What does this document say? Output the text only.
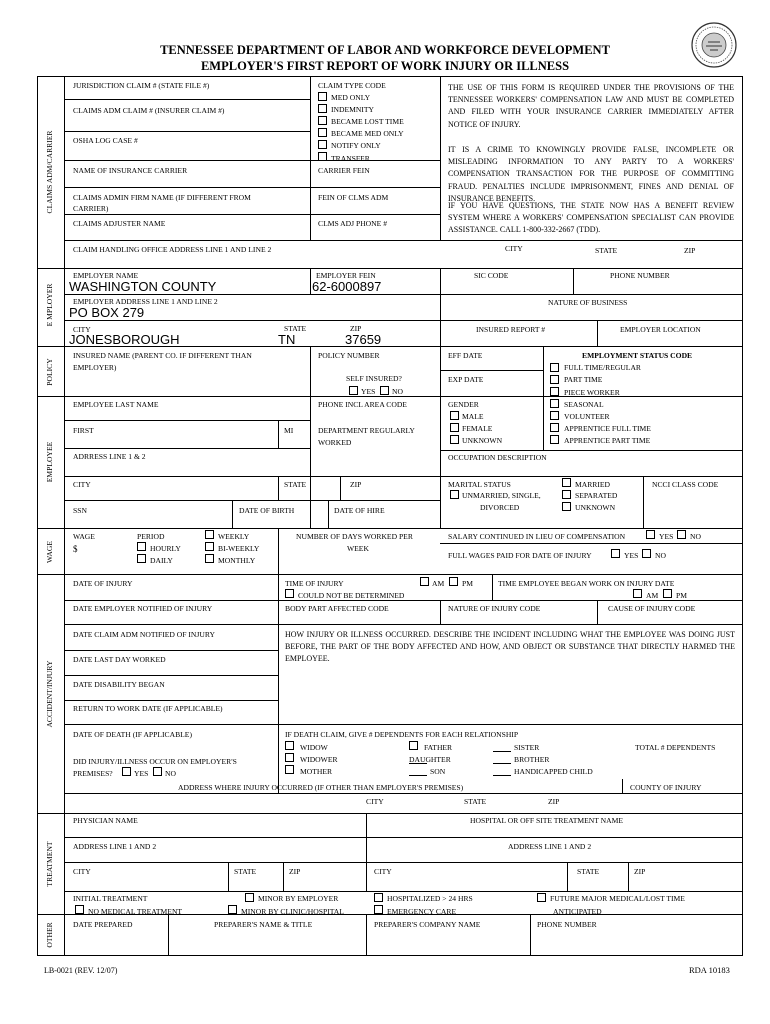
TENNESSEE DEPARTMENT OF LABOR AND WORKFORCE DEVELOPMENT
EMPLOYER'S FIRST REPORT OF WORK INJURY OR ILLNESS
CLAIMS ADM/CARRIER
E MPLOYER
POLICY
EMPLOYEE
WAGE
ACCIDENT/INJURY
TREATMENT
OTHER
JURISDICTION CLAIM # (STATE FILE #)
CLAIMS ADM CLAIM # (INSURER CLAIM #)
OSHA LOG CASE #
NAME OF INSURANCE CARRIER
CLAIMS ADMIN FIRM NAME (IF DIFFERENT FROM
CARRIER)
CLAIMS ADJUSTER NAME
CLAIM HANDLING OFFICE ADDRESS LINE 1 AND LINE 2
CLAIM TYPE CODE
MED ONLY
INDEMNITY
BECAME LOST TIME
BECAME MED ONLY
NOTIFY ONLY
TRANSFER
CARRIER FEIN
FEIN OF CLMS ADM
CLMS ADJ PHONE #
THE USE OF THIS FORM IS REQUIRED UNDER THE PROVISIONS OF THE TENNESSEE WORKERS' COMPENSATION LAW AND MUST BE COMPLETED AND FILED WITH YOUR INSURANCE CARRIER IMMEDIATELY AFTER NOTICE OF INJURY.
IT IS A CRIME TO KNOWINGLY PROVIDE FALSE, INCOMPLETE OR MISLEADING INFORMATION TO ANY PARTY TO A WORKERS' COMPENSATION TRANSACTION FOR THE PURPOSE OF COMMITTING FRAUD. PENALTIES INCLUDE IMPRISONMENT, FINES AND DENIAL OF INSURANCE BENEFITS.
IF YOU HAVE QUESTIONS, THE STATE NOW HAS A BENEFIT REVIEW SYSTEM WHERE A WORKERS' COMPENSATION SPECIALIST CAN PROVIDE ASSISTANCE. CALL 1-800-332-2667 (TDD).
CITY	STATE	ZIP
EMPLOYER NAME
WASHINGTON COUNTY
EMPLOYER FEIN
62-6000897
SIC CODE	PHONE NUMBER
EMPLOYER ADDRESS LINE 1 AND LINE 2
PO BOX 279
NATURE OF BUSINESS
CITY
JONESBOROUGH
STATE
TN
ZIP
37659
INSURED REPORT #	EMPLOYER LOCATION
INSURED NAME (PARENT CO. IF DIFFERENT THAN
EMPLOYER)
POLICY NUMBER
SELF INSURED?
YES NO
EFF DATE
EXP DATE
EMPLOYMENT STATUS CODE
FULL TIME/REGULAR
PART TIME
PIECE WORKER
SEASONAL
VOLUNTEER
APPRENTICE FULL TIME
APPRENTICE PART TIME
EMPLOYEE LAST NAME	PHONE INCL AREA CODE	GENDER
MALE
FEMALE
UNKNOWN
FIRST	MI	DEPARTMENT REGULARLY
WORKED
ADRRESS LINE 1 & 2	OCCUPATION DESCRIPTION
CITY	STATE	ZIP	MARITAL STATUS	MARRIED
UNMARRIED, SINGLE,
DIVORCED
SEPARATED
UNKNOWN
NCCI CLASS CODE
SSN	DATE OF BIRTH	DATE OF HIRE
WAGE
$
PERIOD
HOURLY
DAILY
WEEKLY
BI-WEEKLY
MONTHLY
NUMBER OF DAYS WORKED PER
WEEK
SALARY CONTINUED IN LIEU OF COMPENSATION	YES NO
FULL WAGES PAID FOR DATE OF INJURY	YES NO
DATE OF INJURY	TIME OF INJURY	AM PM
COULD NOT BE DETERMINED
TIME EMPLOYEE BEGAN WORK ON INJURY DATE
AM PM
DATE EMPLOYER NOTIFIED OF INJURY	BODY PART AFFECTED CODE	NATURE OF INJURY CODE	CAUSE OF INJURY CODE
DATE CLAIM ADM NOTIFIED OF INJURY	HOW INJURY OR ILLNESS OCCURRED. DESCRIBE THE INCIDENT INCLUDING WHAT THE EMPLOYEE WAS DOING JUST BEFORE, THE PART OF THE BODY AFFECTED AND HOW, AND OBJECT OR SUBSTANCE THAT DIRECTLY HARMED THE EMPLOYEE.
DATE LAST DAY WORKED
DATE DISABILITY BEGAN
RETURN TO WORK DATE (IF APPLICABLE)
DATE OF DEATH (IF APPLICABLE)
DID INJURY/ILLNESS OCCUR ON EMPLOYER'S
PREMISES?	YES NO
IF DEATH CLAIM, GIVE # DEPENDENTS FOR EACH RELATIONSHIP
WIDOW
WIDOWER
MOTHER
FATHER
DAUGHTER
SON
SISTER
BROTHER
HANDICAPPED CHILD
TOTAL # DEPENDENTS
ADDRESS WHERE INJURY OCCURRED (IF OTHER THAN EMPLOYER'S PREMISES)	COUNTY OF INJURY
CITY	STATE	ZIP
PHYSICIAN NAME	HOSPITAL OR OFF SITE TREATMENT NAME
ADDRESS LINE 1 AND 2	ADDRESS LINE 1 AND 2
CITY	STATE	ZIP	CITY	STATE	ZIP
INITIAL TREATMENT
NO MEDICAL TREATMENT
MINOR BY EMPLOYER
MINOR BY CLINIC/HOSPITAL
HOSPITALIZED > 24 HRS
EMERGENCY CARE
FUTURE MAJOR MEDICAL/LOST TIME
ANTICIPATED
DATE PREPARED	PREPARER'S NAME & TITLE	PREPARER'S COMPANY NAME	PHONE NUMBER
LB-0021 (REV. 12/07)	RDA 10183
